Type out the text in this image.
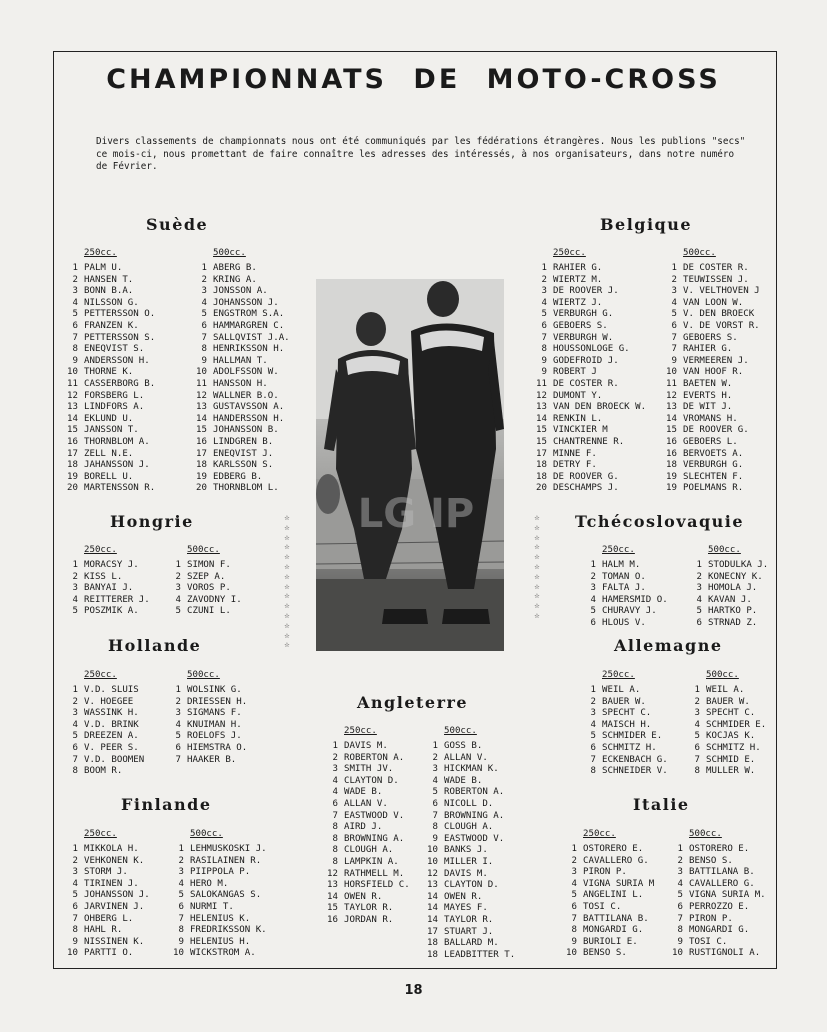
CHAMPIONNATS DE MOTO-CROSS
Divers classements de championnats nous ont été communiqués par les fédérations étrangères. Nous les publions "secs" ce mois-ci, nous promettant de faire connaître les adresses des intéressés, à nos organisateurs, dans notre numéro de Février.
Suède	Belgique
Hongrie	Tchécoslovaquie
Hollande	Allemagne
Angleterre
Finlande	Italie
250cc.
1 PALM U.
2 HANSEN T.
3 BONN B.A.
4 NILSSON G.
5 PETTERSSON O.
6 FRANZEN K.
7 PETTERSSON S.
8 ENEQVIST S.
9 ANDERSSON H.
10 THORNE K.
11 CASSERBORG B.
12 FORSBERG L.
13 LINDFORS A.
14 EKLUND U.
15 JANSSON T.
16 THORNBLOM A.
17 ZELL N.E.
18 JAHANSSON J.
19 BORELL U.
20 MARTENSSON R.
500cc.
1 ABERG B.
2 KRING A.
3 JONSSON A.
4 JOHANSSON J.
5 ENGSTROM S.A.
6 HAMMARGREN C.
7 SALLQVIST J.A.
8 HENRIKSSON H.
9 HALLMAN T.
10 ADOLFSSON W.
11 HANSSON H.
12 WALLNER B.O.
13 GUSTAVSSON A.
14 HANDERSSON H.
15 JOHANSSON B.
16 LINDGREN B.
17 ENEQVIST J.
18 KARLSSON S.
19 EDBERG B.
20 THORNBLOM L.
250cc.
1 MORACSY J.
2 KISS L.
3 BANYAI J.
4 REITTERER J.
5 POSZMIK A.
500cc.
1 SIMON F.
2 SZEP A.
3 VOROS P.
4 ZAVODNY I.
5 CZUNI L.
250cc.
1 V.D. SLUIS
2 V. HOEGEE
3 WASSINK H.
4 V.D. BRINK
5 DREEZEN A.
6 V. PEER S.
7 V.D. BOOMEN
8 BOOM R.
500cc.
1 WOLSINK G.
2 DRIESSEN H.
3 SIGMANS F.
4 KNUIMAN H.
5 ROELOFS J.
6 HIEMSTRA O.
7 HAAKER B.
250cc.
1 MIKKOLA H.
2 VEHKONEN K.
3 STORM J.
4 TIRINEN J.
5 JOHANSSON J.
6 JARVINEN J.
7 OHBERG L.
8 HAHL R.
9 NISSINEN K.
10 PARTTI O.
500cc.
1 LEHMUSKOSKI J.
2 RASILAINEN R.
3 PIIPPOLA P.
4 HERO M.
5 SALOKANGAS S.
6 NURMI T.
7 HELENIUS K.
8 FREDRIKSSON K.
9 HELENIUS H.
10 WICKSTROM A.
250cc.
1 DAVIS M.
2 ROBERTON A.
3 SMITH JV.
4 CLAYTON D.
4 WADE B.
6 ALLAN V.
7 EASTWOOD V.
8 AIRD J.
8 BROWNING A.
8 CLOUGH A.
8 LAMPKIN A.
12 RATHMELL M.
13 HORSFIELD C.
14 OWEN R.
15 TAYLOR R.
16 JORDAN R.
500cc.
1 GOSS B.
2 ALLAN V.
3 HICKMAN K.
4 WADE B.
5 ROBERTON A.
6 NICOLL D.
7 BROWNING A.
8 CLOUGH A.
9 EASTWOOD V.
10 BANKS J.
10 MILLER I.
12 DAVIS M.
13 CLAYTON D.
14 OWEN R.
14 MAYES F.
14 TAYLOR R.
17 STUART J.
18 BALLARD M.
18 LEADBITTER T.
250cc.
1 RAHIER G.
2 WIERTZ M.
3 DE ROOVER J.
4 WIERTZ J.
5 VERBURGH G.
6 GEBOERS S.
7 VERBURGH W.
8 HOUSSONLOGE G.
9 GODEFROID J.
9 ROBERT J
11 DE COSTER R.
12 DUMONT Y.
13 VAN DEN BROECK W.
14 RENKIN L.
15 VINCKIER M
15 CHANTRENNE R.
17 MINNE F.
18 DETRY F.
18 DE ROOVER G.
20 DESCHAMPS J.
500cc.
1 DE COSTER R.
2 TEUWISSEN J.
3 V. VELTHOVEN J
4 VAN LOON W.
5 V. DEN BROECK
6 V. DE VORST R.
7 GEBOERS S.
7 RAHIER G.
9 VERMEEREN J.
10 VAN HOOF R.
11 BAETEN W.
12 EVERTS H.
13 DE WIT J.
14 VROMANS H.
15 DE ROOVER G.
16 GEBOERS L.
16 BERVOETS A.
18 VERBURGH G.
19 SLECHTEN F.
19 POELMANS R.
250cc.
1 HALM M.
2 TOMAN O.
3 FALTA J.
4 HAMERSMID O.
5 CHURAVY J.
6 HLOUS V.
500cc.
1 STODULKA J.
2 KONECNY K.
3 HOMOLA J.
4 KAVAN J.
5 HARTKO P.
6 STRNAD Z.
250cc.
1 WEIL A.
2 BAUER W.
3 SPECHT C.
4 MAISCH H.
5 SCHMIDER E.
6 SCHMITZ H.
7 ECKENBACH G.
8 SCHNEIDER V.
500cc.
1 WEIL A.
2 BAUER W.
3 SPECHT C.
4 SCHMIDER E.
5 KOCJAS K.
6 SCHMITZ H.
7 SCHMID E.
8 MULLER W.
250cc.
1 OSTORERO E.
2 CAVALLERO G.
3 PIRON P.
4 VIGNA SURIA M
5 ANGELINI L.
6 TOSI C.
7 BATTILANA B.
8 MONGARDI G.
9 BURIOLI E.
10 BENSO S.
500cc.
1 OSTORERO E.
2 BENSO S.
3 BATTILANA B.
4 CAVALLERO G.
5 VIGNA SURIA M.
6 PERROZZO E.
7 PIRON P.
8 MONGARDI G.
9 TOSI C.
10 RUSTIGNOLI A.
☆
☆
☆
☆
☆
☆
☆
☆
☆
☆
☆
☆
☆
☆
☆
☆
☆
☆
☆
☆
☆
☆
☆
☆
☆
LG IP
18
